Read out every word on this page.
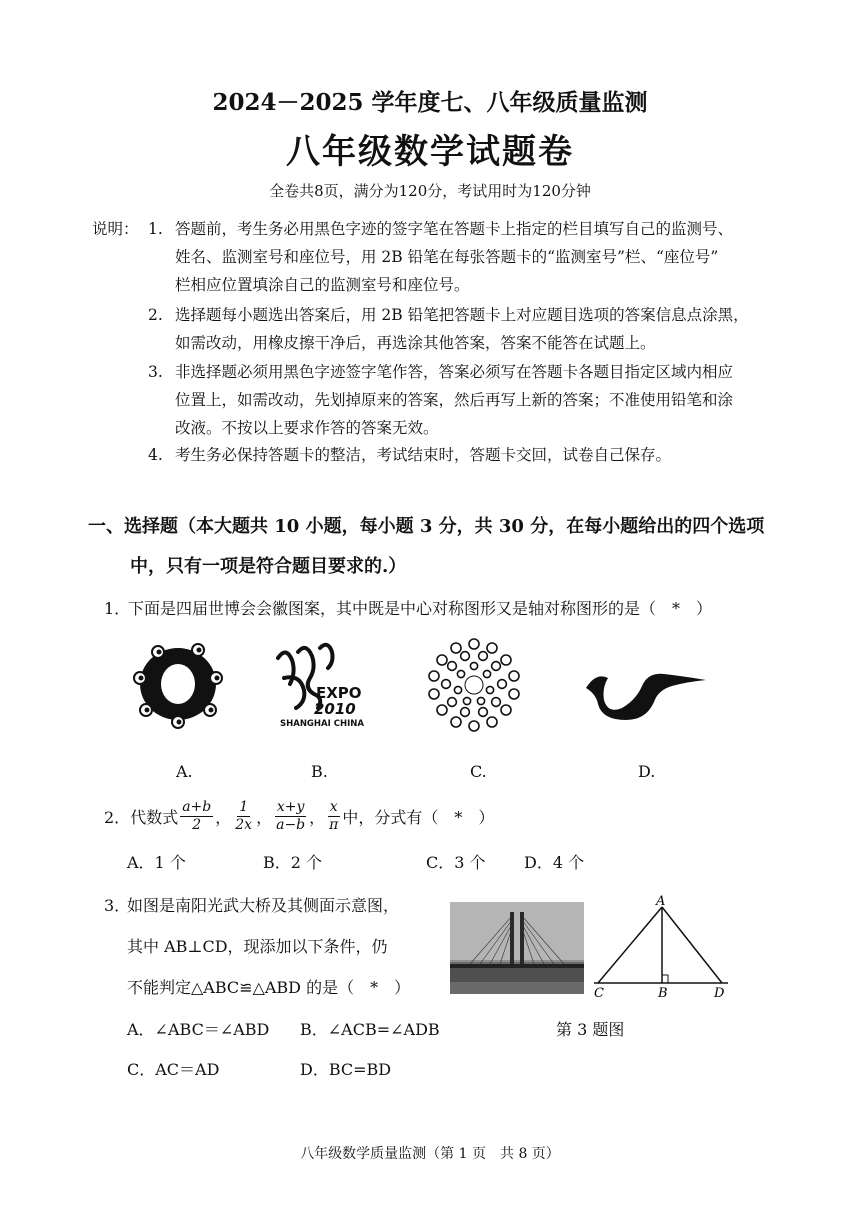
2024－2025 学年度七、八年级质量监测
八年级数学试题卷
全卷共8页，满分为120分，考试用时为120分钟
说明： 1. 答题前，考生务必用黑色字迹的签字笔在答题卡上指定的栏目填写自己的监测号、
姓名、监测室号和座位号，用 2B 铅笔在每张答题卡的“监测室号”栏、“座位号”
栏相应位置填涂自己的监测室号和座位号。
2. 选择题每小题选出答案后，用 2B 铅笔把答题卡上对应题目选项的答案信息点涂黑，
如需改动，用橡皮擦干净后，再选涂其他答案，答案不能答在试题上。
3. 非选择题必须用黑色字迹签字笔作答，答案必须写在答题卡各题目指定区域内相应
位置上，如需改动，先划掉原来的答案，然后再写上新的答案；不准使用铅笔和涂
改液。不按以上要求作答的答案无效。
4. 考生务必保持答题卡的整洁，考试结束时，答题卡交回，试卷自己保存。
一、选择题（本大题共 10 小题，每小题 3 分，共 30 分，在每小题给出的四个选项
中，只有一项是符合题目要求的.）
1．
下面是四届世博会会徽图案，其中既是中心对称图形又是轴对称图形的是（　*　）
EXPO
2010
SHANGHAI CHINA
A.	B.	C.	D.
2． 代数式 $\frac{a+b}{2}$ ， $\frac{1}{2x}$ ， $\frac{x+y}{a-b}$ ， $\frac{x}{\pi}$ 中，分式有（　*　）
A．1 个	B．2 个	C．3 个 D．4 个
3．
如图是南阳光武大桥及其侧面示意图，
其中 AB⊥CD，现添加以下条件，仍
不能判定△ABC≌△ABD 的是（　*　）
A．∠ABC＝∠ABD B．∠ACB=∠ADB
C．AC＝AD	D．BC=BD
A
C	B	D
第 3 题图
八年级数学质量监测（第 1 页　共 8 页）
